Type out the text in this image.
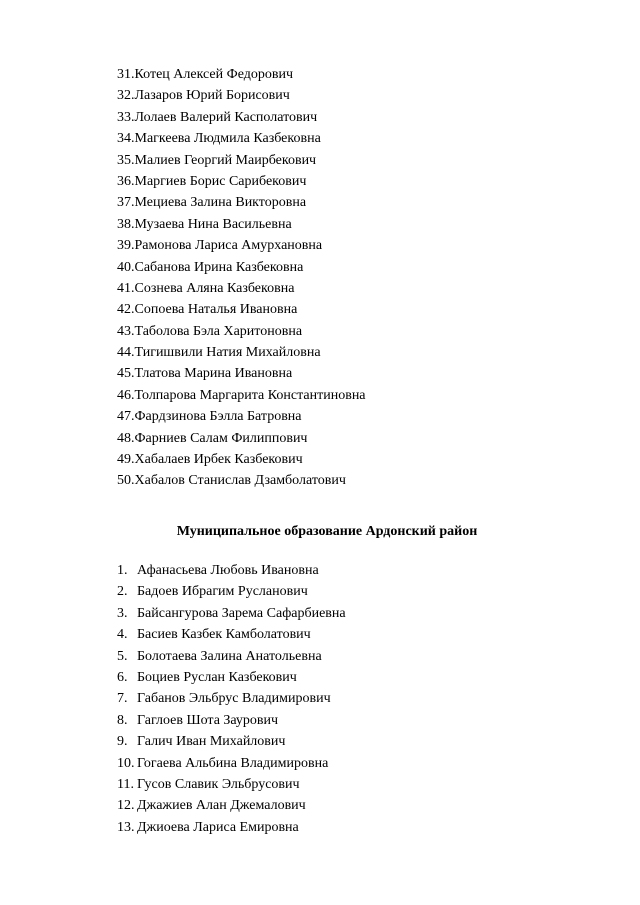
31.Котец Алексей Федорович
32.Лазаров Юрий Борисович
33.Лолаев Валерий Касполатович
34.Магкеева Людмила Казбековна
35.Малиев Георгий Маирбекович
36.Маргиев Борис Сарибекович
37.Мециева Залина Викторовна
38.Музаева Нина Васильевна
39.Рамонова Лариса Амурхановна
40.Сабанова Ирина Казбековна
41.Сознева Аляна Казбековна
42.Сопоева Наталья Ивановна
43.Таболова Бэла Харитоновна
44.Тигишвили Натия Михайловна
45.Тлатова Марина Ивановна
46.Толпарова Маргарита Константиновна
47.Фардзинова Бэлла Батровна
48.Фарниев Салам Филиппович
49.Хабалаев Ирбек Казбекович
50.Хабалов Станислав Дзамболатович
Муниципальное образование Ардонский район
1. Афанасьева Любовь Ивановна
2. Бадоев Ибрагим Русланович
3. Байсангурова Зарема Сафарбиевна
4. Басиев Казбек Камболатович
5. Болотаева Залина Анатольевна
6. Боциев Руслан Казбекович
7. Габанов Эльбрус Владимирович
8. Гаглоев Шота Заурович
9. Галич Иван Михайлович
10. Гогаева Альбина Владимировна
11. Гусов Славик Эльбрусович
12. Джажиев Алан Джемалович
13. Джиоева Лариса Емировна
